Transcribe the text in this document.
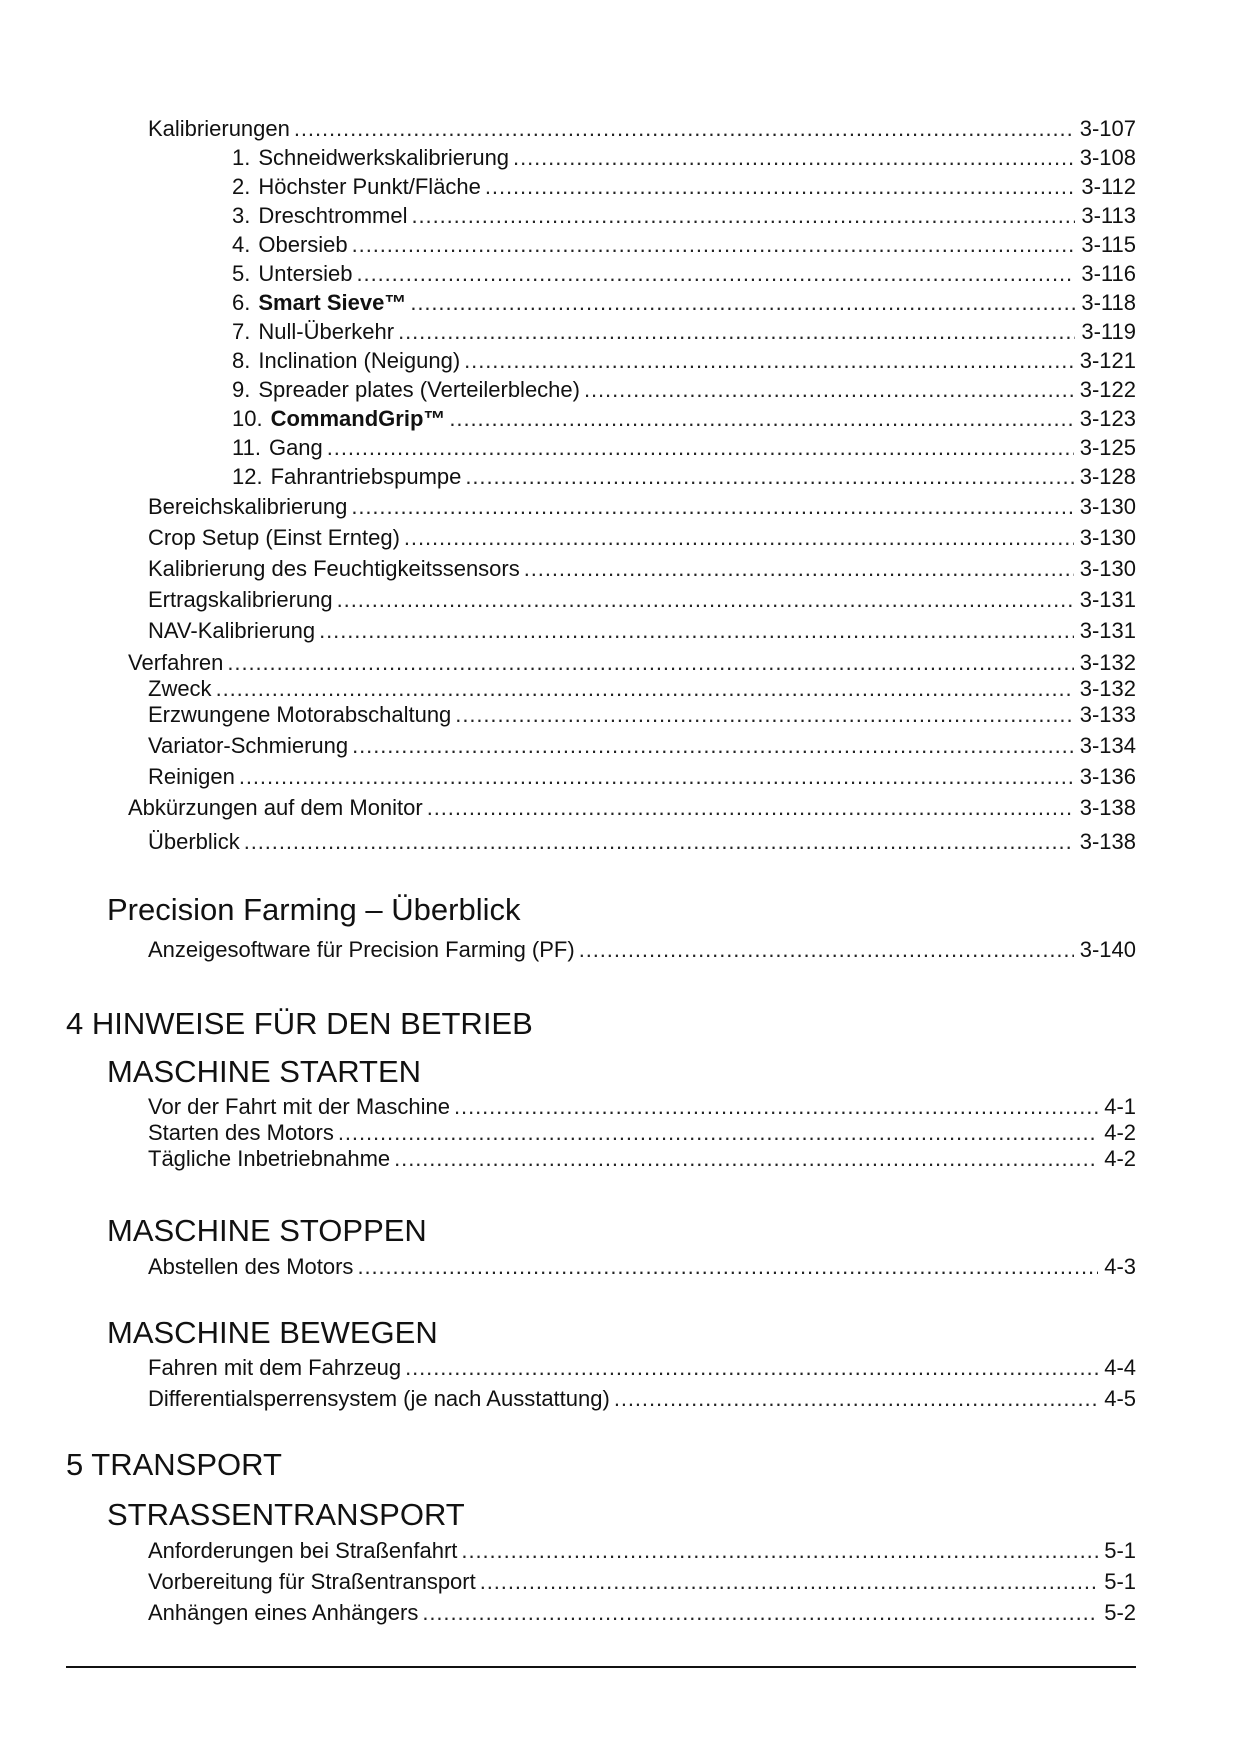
Kalibrierungen . . .	3-107
1. Schneidwerkskalibrierung . . .	3-108
2. Höchster Punkt/Fläche . . .	3-112
3. Dreschtrommel . . .	3-113
4. Obersieb . . .	3-115
5. Untersieb . . .	3-116
6. Smart Sieve™ . . .	3-118
7. Null-Überkehr . . .	3-119
8. Inclination (Neigung) . . .	3-121
9. Spreader plates (Verteilerbleche) . . .	3-122
10. CommandGrip™ . . .	3-123
11. Gang . . .	3-125
12. Fahrantriebspumpe . . .	3-128
Bereichskalibrierung . . .	3-130
Crop Setup (Einst Ernteg) . . .	3-130
Kalibrierung des Feuchtigkeitssensors . . .	3-130
Ertragskalibrierung . . .	3-131
NAV-Kalibrierung . . .	3-131
Verfahren . . .	3-132
Zweck . . .	3-132
Erzwungene Motorabschaltung . . .	3-133
Variator-Schmierung . . .	3-134
Reinigen . . .	3-136
Abkürzungen auf dem Monitor . . .	3-138
Überblick . . .	3-138
Precision Farming – Überblick
Anzeigesoftware für Precision Farming (PF) . . .	3-140
4 HINWEISE FÜR DEN BETRIEB
MASCHINE STARTEN
Vor der Fahrt mit der Maschine . . .	4-1
Starten des Motors . . .	4-2
Tägliche Inbetriebnahme . . .	4-2
MASCHINE STOPPEN
Abstellen des Motors . . .	4-3
MASCHINE BEWEGEN
Fahren mit dem Fahrzeug . . .	4-4
Differentialsperrensystem (je nach Ausstattung) . . .	4-5
5 TRANSPORT
STRASSENTRANSPORT
Anforderungen bei Straßenfahrt . . .	5-1
Vorbereitung für Straßentransport . . .	5-1
Anhängen eines Anhängers . . .	5-2
